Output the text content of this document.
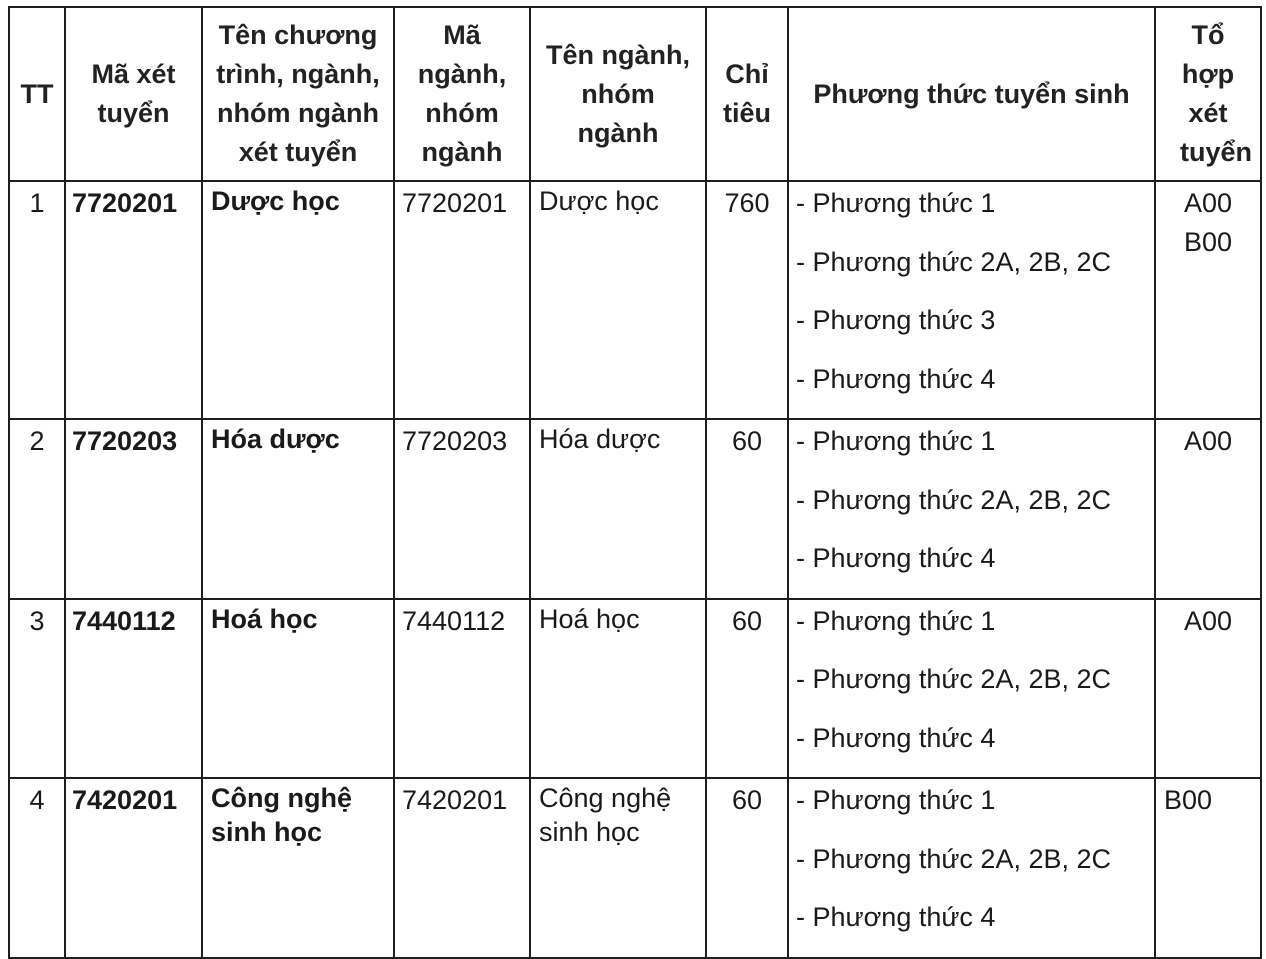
TT	Mã xét tuyển	Tên chương trình, ngành, nhóm ngành xét tuyển	Mã ngành, nhóm ngành	Tên ngành, nhóm ngành	Chỉ tiêu	Phương thức tuyển sinh	Tổ hợp xét tuyển

1	7720201	Dược học	7720201	Dược học	760	- Phương thức 1
- Phương thức 2A, 2B, 2C
- Phương thức 3
- Phương thức 4	A00
B00

2	7720203	Hóa dược	7720203	Hóa dược	60	- Phương thức 1
- Phương thức 2A, 2B, 2C
- Phương thức 4	A00

3	7440112	Hoá học	7440112	Hoá học	60	- Phương thức 1
- Phương thức 2A, 2B, 2C
- Phương thức 4	A00

4	7420201	Công nghệ sinh học	7420201	Công nghệ sinh học	60	- Phương thức 1
- Phương thức 2A, 2B, 2C
- Phương thức 4	B00
